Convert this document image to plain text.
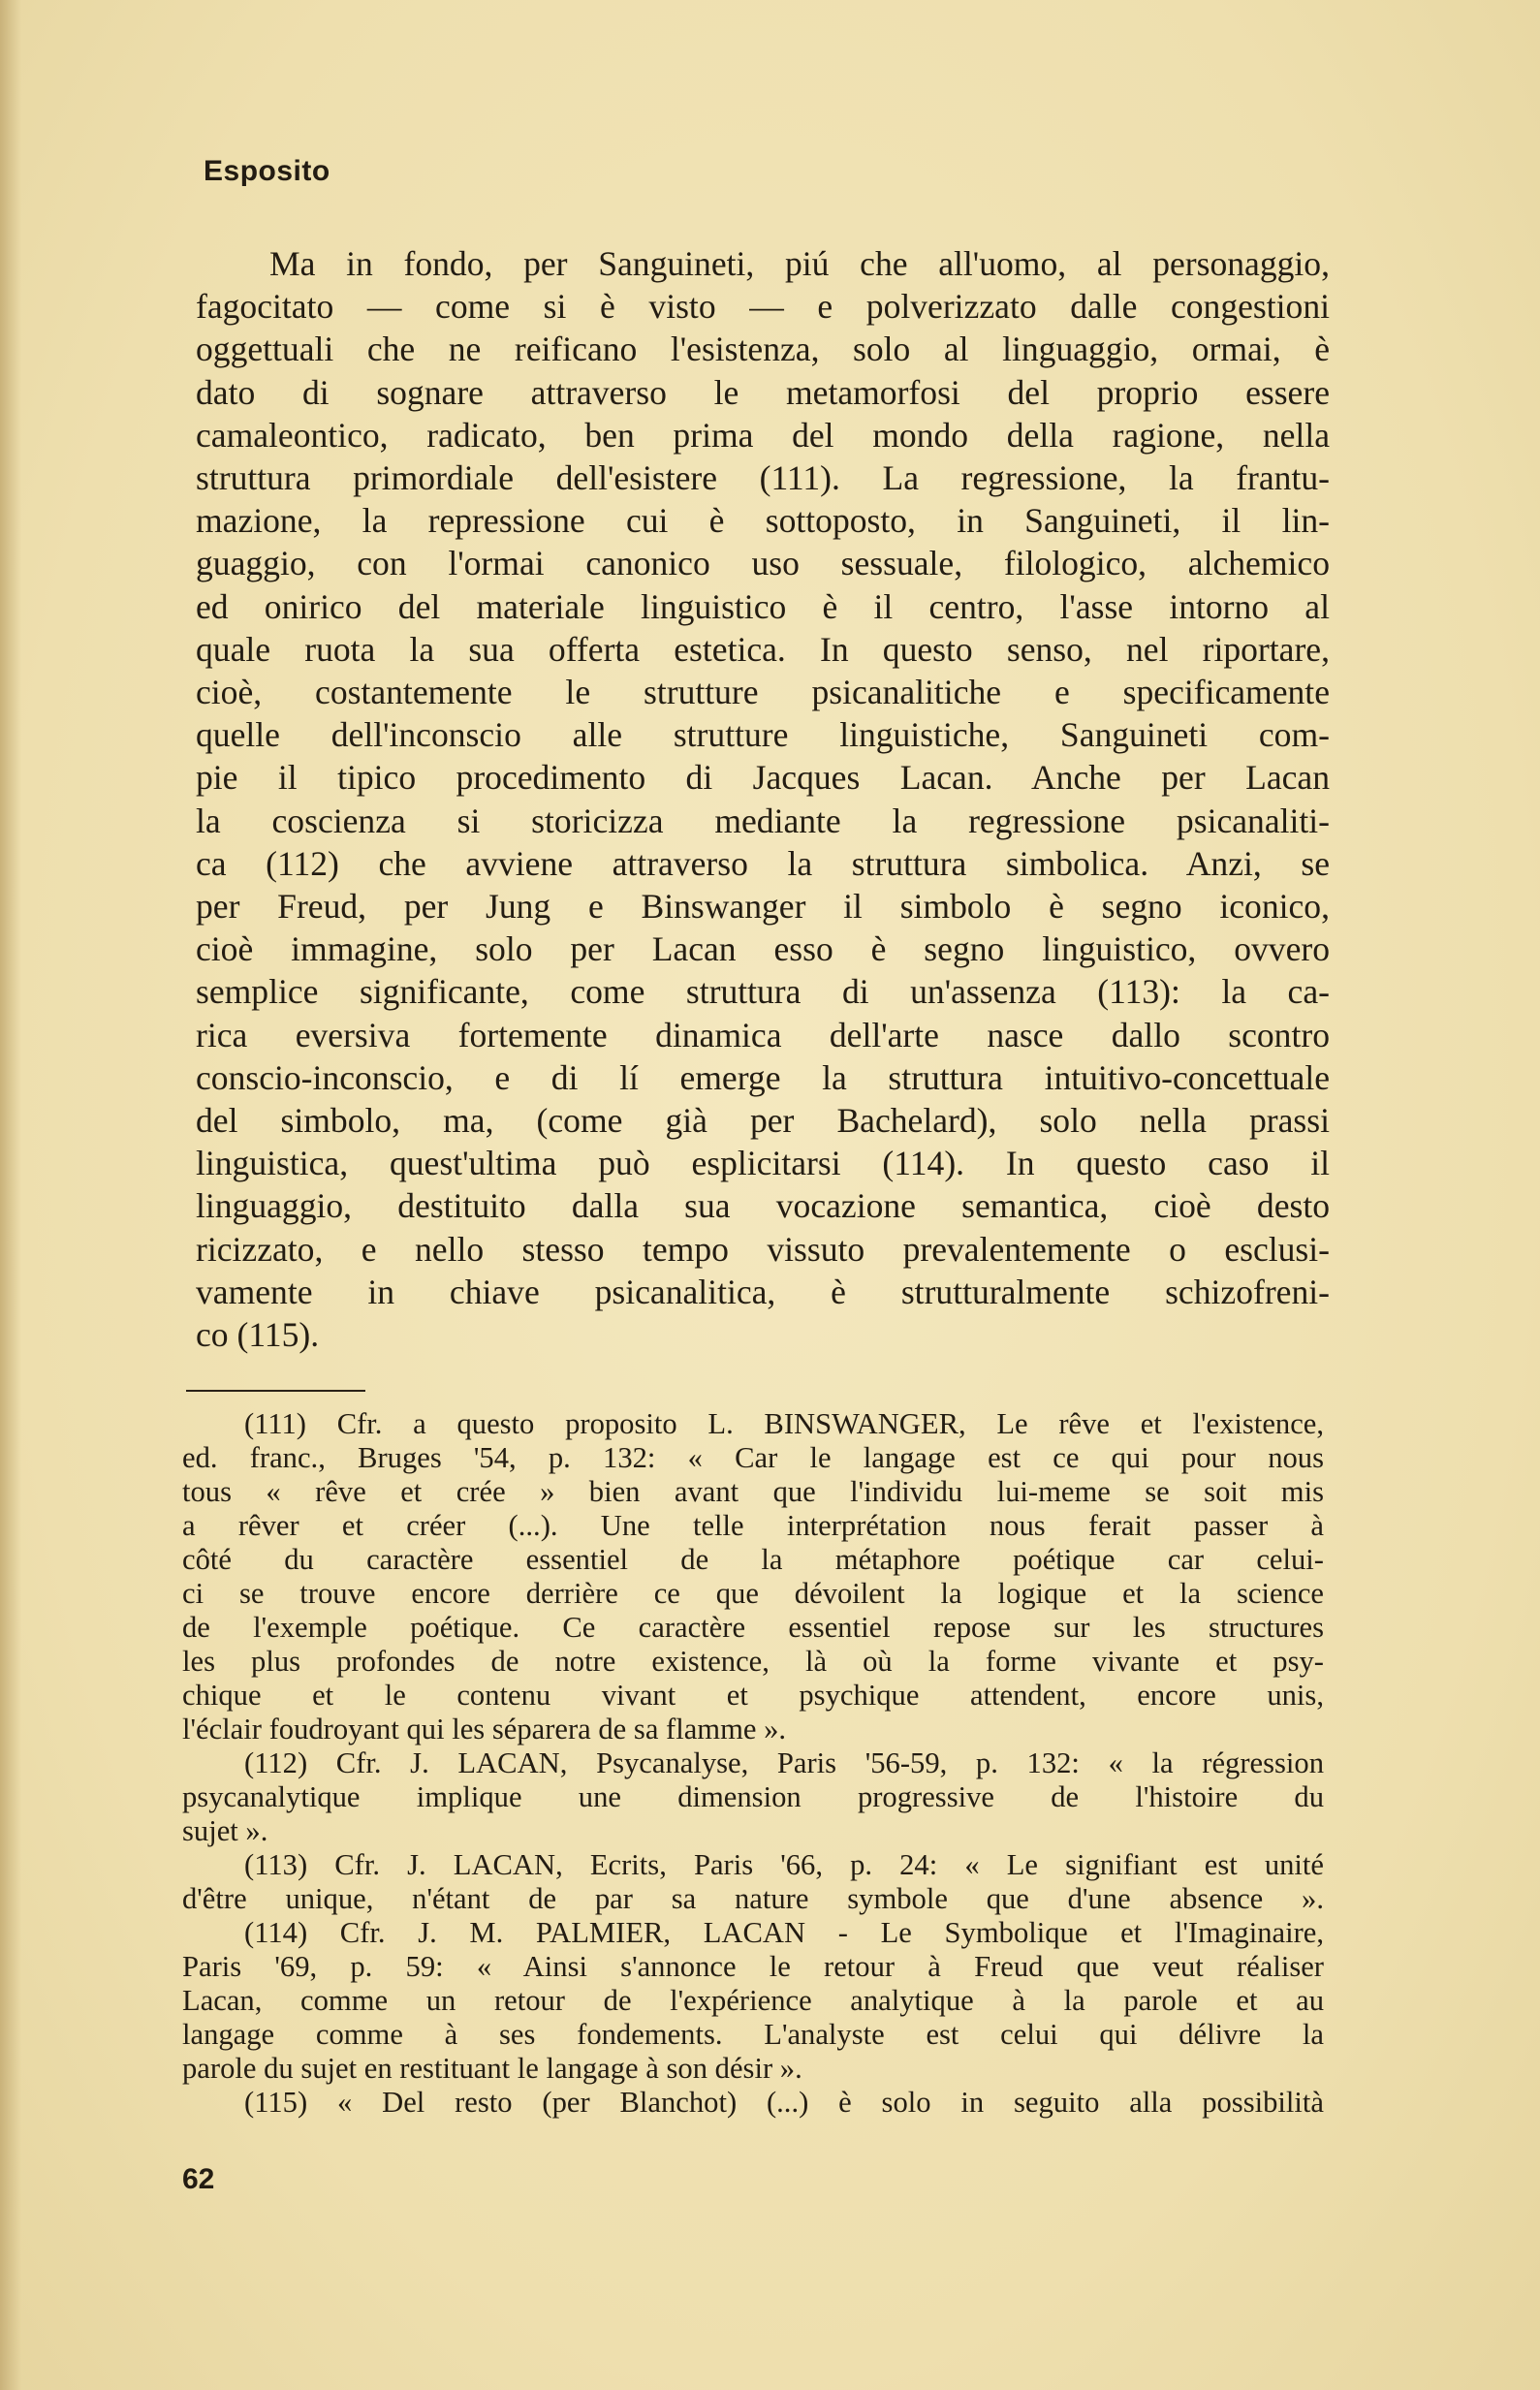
Esposito
Ma in fondo, per Sanguineti, piú che all'uomo, al personaggio,
fagocitato — come si è visto — e polverizzato dalle congestioni
oggettuali che ne reificano l'esistenza, solo al linguaggio, ormai, è
dato di sognare attraverso le metamorfosi del proprio essere
camaleontico, radicato, ben prima del mondo della ragione, nella
struttura primordiale dell'esistere (111). La regressione, la frantu-
mazione, la repressione cui è sottoposto, in Sanguineti, il lin-
guaggio, con l'ormai canonico uso sessuale, filologico, alchemico
ed onirico del materiale linguistico è il centro, l'asse intorno al
quale ruota la sua offerta estetica. In questo senso, nel riportare,
cioè, costantemente le strutture psicanalitiche e specificamente
quelle dell'inconscio alle strutture linguistiche, Sanguineti com-
pie il tipico procedimento di Jacques Lacan. Anche per Lacan
la coscienza si storicizza mediante la regressione psicanaliti-
ca (112) che avviene attraverso la struttura simbolica. Anzi, se
per Freud, per Jung e Binswanger il simbolo è segno iconico,
cioè immagine, solo per Lacan esso è segno linguistico, ovvero
semplice significante, come struttura di un'assenza (113): la ca-
rica eversiva fortemente dinamica dell'arte nasce dallo scontro
conscio-inconscio, e di lí emerge la struttura intuitivo-concettuale
del simbolo, ma, (come già per Bachelard), solo nella prassi
linguistica, quest'ultima può esplicitarsi (114). In questo caso il
linguaggio, destituito dalla sua vocazione semantica, cioè desto
ricizzato, e nello stesso tempo vissuto prevalentemente o esclusi-
vamente in chiave psicanalitica, è strutturalmente schizofreni-
co (115).
(111) Cfr. a questo proposito L. BINSWANGER, Le rêve et l'existence,
ed. franc., Bruges '54, p. 132: « Car le langage est ce qui pour nous
tous « rêve et crée » bien avant que l'individu lui-meme se soit mis
a rêver et créer (...). Une telle interprétation nous ferait passer à
côté du caractère essentiel de la métaphore poétique car celui-
ci se trouve encore derrière ce que dévoilent la logique et la science
de l'exemple poétique. Ce caractère essentiel repose sur les structures
les plus profondes de notre existence, là où la forme vivante et psy-
chique et le contenu vivant et psychique attendent, encore unis,
l'éclair foudroyant qui les séparera de sa flamme ».
(112) Cfr. J. LACAN, Psycanalyse, Paris '56-59, p. 132: « la régression
psycanalytique implique une dimension progressive de l'histoire du
sujet ».
(113) Cfr. J. LACAN, Ecrits, Paris '66, p. 24: « Le signifiant est unité
d'être unique, n'étant de par sa nature symbole que d'une absence ».
(114) Cfr. J. M. PALMIER, LACAN - Le Symbolique et l'Imaginaire,
Paris '69, p. 59: « Ainsi s'annonce le retour à Freud que veut réaliser
Lacan, comme un retour de l'expérience analytique à la parole et au
langage comme à ses fondements. L'analyste est celui qui délivre la
parole du sujet en restituant le langage à son désir ».
(115) « Del resto (per Blanchot) (...) è solo in seguito alla possibilità
62
